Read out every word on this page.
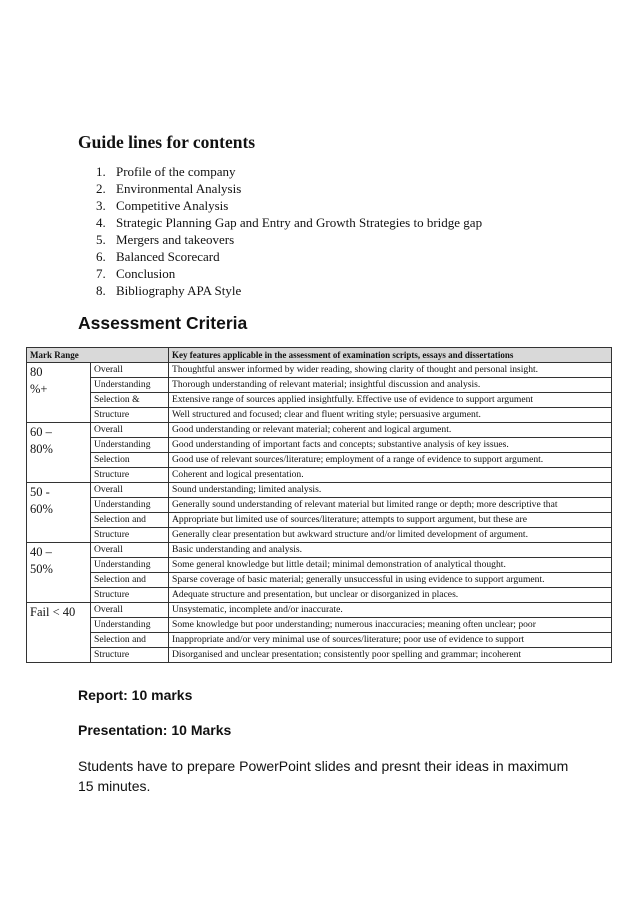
Guide lines for contents
1. Profile of the company
2. Environmental Analysis
3. Competitive Analysis
4. Strategic Planning Gap and Entry and Growth Strategies to bridge gap
5. Mergers and takeovers
6. Balanced Scorecard
7. Conclusion
8. Bibliography APA Style
Assessment Criteria
Mark Range		Key features applicable in the assessment of examination scripts, essays and dissertations

80
%+	Overall	Thoughtful answer informed by wider reading, showing clarity of thought and personal insight.
	Understanding	Thorough understanding of relevant material; insightful discussion and analysis.
	Selection &	Extensive range of sources applied insightfully. Effective use of evidence to support argument
	Structure	Well structured and focused; clear and fluent writing style; persuasive argument.

60 –
80%	Overall	Good understanding or relevant material; coherent and logical argument.
	Understanding	Good understanding of important facts and concepts; substantive analysis of key issues.
	Selection	Good use of relevant sources/literature; employment of a range of evidence to support argument.
	Structure	Coherent and logical presentation.

50 -
60%	Overall	Sound understanding; limited analysis.
	Understanding	Generally sound understanding of relevant material but limited range or depth; more descriptive that
	Selection and	Appropriate but limited use of sources/literature; attempts to support argument, but these are
	Structure	Generally clear presentation but awkward structure and/or limited development of argument.

40 –
50%	Overall	Basic understanding and analysis.
	Understanding	Some general knowledge but little detail; minimal demonstration of analytical thought.
	Selection and	Sparse coverage of basic material; generally unsuccessful in using evidence to support argument.
	Structure	Adequate structure and presentation, but unclear or disorganized in places.

Fail < 40	Overall	Unsystematic, incomplete and/or inaccurate.
	Understanding	Some knowledge but poor understanding; numerous inaccuracies; meaning often unclear; poor
	Selection and	Inappropriate and/or very minimal use of sources/literature; poor use of evidence to support
	Structure	Disorganised and unclear presentation; consistently poor spelling and grammar; incoherent

Report: 10 marks

Presentation: 10 Marks

Students have to prepare PowerPoint slides and presnt their ideas in maximum 15 minutes.
